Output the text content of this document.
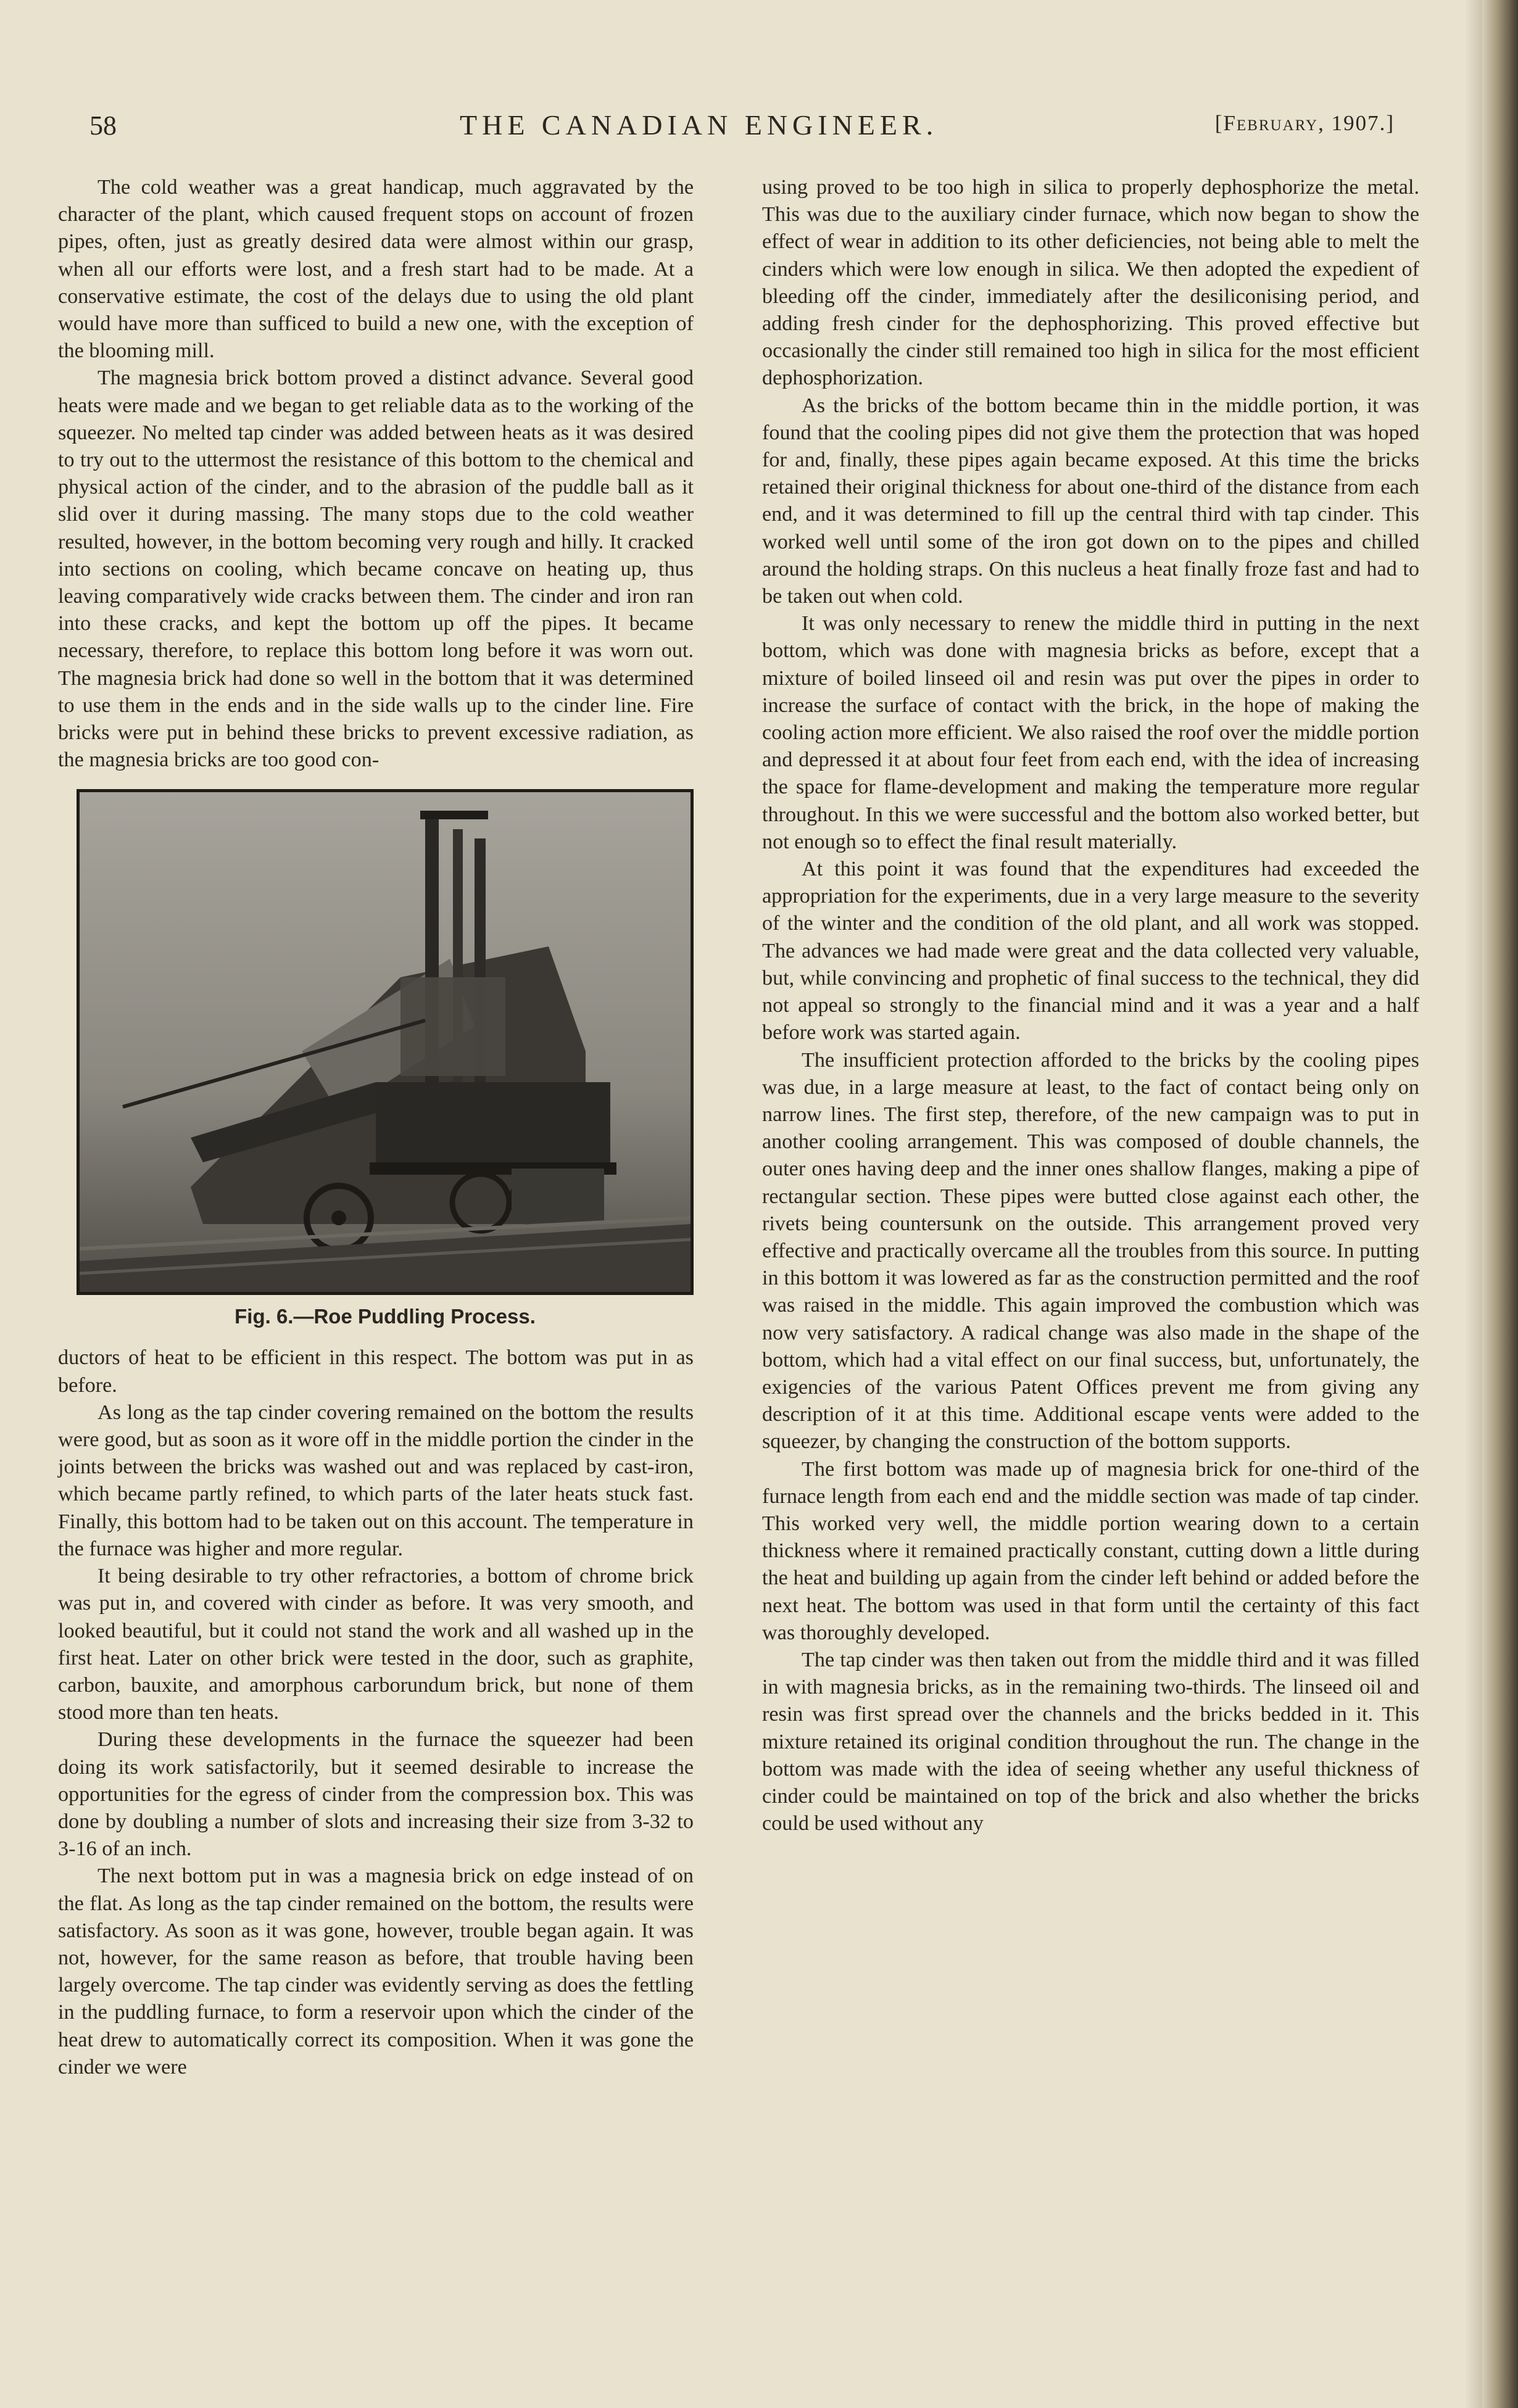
58	THE CANADIAN ENGINEER.	[February, 1907.]

The cold weather was a great handicap, much aggravated by the character of the plant, which caused frequent stops on account of frozen pipes, often, just as greatly desired data were almost within our grasp, when all our efforts were lost, and a fresh start had to be made. At a conservative estimate, the cost of the delays due to using the old plant would have more than sufficed to build a new one, with the exception of the blooming mill.

The magnesia brick bottom proved a distinct advance. Several good heats were made and we began to get reliable data as to the working of the squeezer. No melted tap cinder was added between heats as it was desired to try out to the uttermost the resistance of this bottom to the chemical and physical action of the cinder, and to the abrasion of the puddle ball as it slid over it during massing. The many stops due to the cold weather resulted, however, in the bottom becoming very rough and hilly. It cracked into sections on cooling, which became concave on heating up, thus leaving comparatively wide cracks between them. The cinder and iron ran into these cracks, and kept the bottom up off the pipes. It became necessary, therefore, to replace this bottom long before it was worn out. The magnesia brick had done so well in the bottom that it was determined to use them in the ends and in the side walls up to the cinder line. Fire bricks were put in behind these bricks to prevent excessive radiation, as the magnesia bricks are too good con-

Fig. 6.—Roe Puddling Process.

ductors of heat to be efficient in this respect. The bottom was put in as before.

As long as the tap cinder covering remained on the bottom the results were good, but as soon as it wore off in the middle portion the cinder in the joints between the bricks was washed out and was replaced by cast-iron, which became partly refined, to which parts of the later heats stuck fast. Finally, this bottom had to be taken out on this account. The temperature in the furnace was higher and more regular.

It being desirable to try other refractories, a bottom of chrome brick was put in, and covered with cinder as before. It was very smooth, and looked beautiful, but it could not stand the work and all washed up in the first heat. Later on other brick were tested in the door, such as graphite, carbon, bauxite, and amorphous carborundum brick, but none of them stood more than ten heats.

During these developments in the furnace the squeezer had been doing its work satisfactorily, but it seemed desirable to increase the opportunities for the egress of cinder from the compression box. This was done by doubling a number of slots and increasing their size from 3-32 to 3-16 of an inch.

The next bottom put in was a magnesia brick on edge instead of on the flat. As long as the tap cinder remained on the bottom, the results were satisfactory. As soon as it was gone, however, trouble began again. It was not, however, for the same reason as before, that trouble having been largely overcome. The tap cinder was evidently serving as does the fettling in the puddling furnace, to form a reservoir upon which the cinder of the heat drew to automatically correct its composition. When it was gone the cinder we were

using proved to be too high in silica to properly dephosphorize the metal. This was due to the auxiliary cinder furnace, which now began to show the effect of wear in addition to its other deficiencies, not being able to melt the cinders which were low enough in silica. We then adopted the expedient of bleeding off the cinder, immediately after the desiliconising period, and adding fresh cinder for the dephosphorizing. This proved effective but occasionally the cinder still remained too high in silica for the most efficient dephosphorization.

As the bricks of the bottom became thin in the middle portion, it was found that the cooling pipes did not give them the protection that was hoped for and, finally, these pipes again became exposed. At this time the bricks retained their original thickness for about one-third of the distance from each end, and it was determined to fill up the central third with tap cinder. This worked well until some of the iron got down on to the pipes and chilled around the holding straps. On this nucleus a heat finally froze fast and had to be taken out when cold.

It was only necessary to renew the middle third in putting in the next bottom, which was done with magnesia bricks as before, except that a mixture of boiled linseed oil and resin was put over the pipes in order to increase the surface of contact with the brick, in the hope of making the cooling action more efficient. We also raised the roof over the middle portion and depressed it at about four feet from each end, with the idea of increasing the space for flame-development and making the temperature more regular throughout. In this we were successful and the bottom also worked better, but not enough so to effect the final result materially.

At this point it was found that the expenditures had exceeded the appropriation for the experiments, due in a very large measure to the severity of the winter and the condition of the old plant, and all work was stopped. The advances we had made were great and the data collected very valuable, but, while convincing and prophetic of final success to the technical, they did not appeal so strongly to the financial mind and it was a year and a half before work was started again.

The insufficient protection afforded to the bricks by the cooling pipes was due, in a large measure at least, to the fact of contact being only on narrow lines. The first step, therefore, of the new campaign was to put in another cooling arrangement. This was composed of double channels, the outer ones having deep and the inner ones shallow flanges, making a pipe of rectangular section. These pipes were butted close against each other, the rivets being countersunk on the outside. This arrangement proved very effective and practically overcame all the troubles from this source. In putting in this bottom it was lowered as far as the construction permitted and the roof was raised in the middle. This again improved the combustion which was now very satisfactory. A radical change was also made in the shape of the bottom, which had a vital effect on our final success, but, unfortunately, the exigencies of the various Patent Offices prevent me from giving any description of it at this time. Additional escape vents were added to the squeezer, by changing the construction of the bottom supports.

The first bottom was made up of magnesia brick for one-third of the furnace length from each end and the middle section was made of tap cinder. This worked very well, the middle portion wearing down to a certain thickness where it remained practically constant, cutting down a little during the heat and building up again from the cinder left behind or added before the next heat. The bottom was used in that form until the certainty of this fact was thoroughly developed.

The tap cinder was then taken out from the middle third and it was filled in with magnesia bricks, as in the remaining two-thirds. The linseed oil and resin was first spread over the channels and the bricks bedded in it. This mixture retained its original condition throughout the run. The change in the bottom was made with the idea of seeing whether any useful thickness of cinder could be maintained on top of the brick and also whether the bricks could be used without any
